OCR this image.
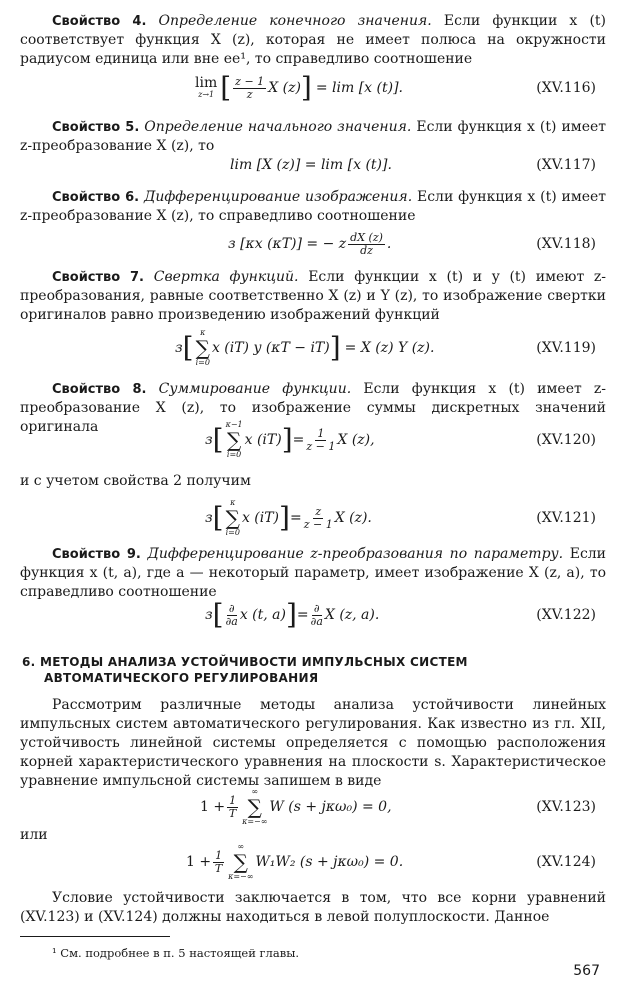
Свойство 4. Определение конечного значения. Если функции x (t) соответствует функция X (z), которая не имеет полюса на окружности радиусом единица или вне ее¹, то справедливо соотношение

lim
z→1 [ $\frac{z - 1}{z}$ X (z) ] = lim [x (t)].	(XV.116)

Свойство 5. Определение начального значения. Если функция x (t) имеет z-преобразование X (z), то

lim [X (z)] = lim [x (t)].	(XV.117)

Свойство 6. Дифференцирование изображения. Если функция x (t) имеет z-преобразование X (z), то справедливо соотношение

з [κx (κT)] = − z $\frac{dX (z)}{dz}$ .	(XV.118)

Свойство 7. Свертка функций. Если функции x (t) и y (t) имеют z-преобразования, равные соответственно X (z) и Y (z), то изображение свертки оригиналов равно произведению изображений функций

з [ κ
∑
i=0
x (iT) y (κT − iT) ] = X (z) Y (z).	(XV.119)

Свойство 8. Суммирование функции. Если функция x (t) имеет z-преобразование X (z), то изображение суммы дискретных значений оригинала

з [ κ−1
∑
i=0
x (iT) ] = $\frac{1}{z - 1}$ X (z),	(XV.120)

и с учетом свойства 2 получим

з [ κ
∑
i=0
x (iT) ] = $\frac{z}{z - 1}$ X (z).	(XV.121)

Свойство 9. Дифференцирование z-преобразования по параметру. Если функция x (t, a), где a — некоторый параметр, имеет изображение X (z, a), то справедливо соотношение

з [ $\frac{\partial}{\partial a}$ x (t, a) ] = $\frac{\partial}{\partial a}$ X (z, a).	(XV.122)
6. МЕТОДЫ АНАЛИЗА УСТОЙЧИВОСТИ ИМПУЛЬСНЫХ СИСТЕМ
АВТОМАТИЧЕСКОГО РЕГУЛИРОВАНИЯ

Рассмотрим различные методы анализа устойчивости линейных импульсных систем автоматического регулирования. Как известно из гл. XII, устойчивость линейной системы определяется с помощью расположения корней характеристического уравнения на плоскости s. Характеристическое уравнение импульсной системы запишем в виде

$1 + \frac{1}{T}$
∞
∑
κ=−∞
W (s + jκω₀) = 0,	(XV.123)

или

$1 + \frac{1}{T}$
∞
∑
κ=−∞
W₁W₂ (s + jκω₀) = 0.	(XV.124)

Условие устойчивости заключается в том, что все корни уравнений (XV.123) и (XV.124) должны находиться в левой полуплоскости. Данное

¹ См. подробнее в п. 5 настоящей главы.
567
